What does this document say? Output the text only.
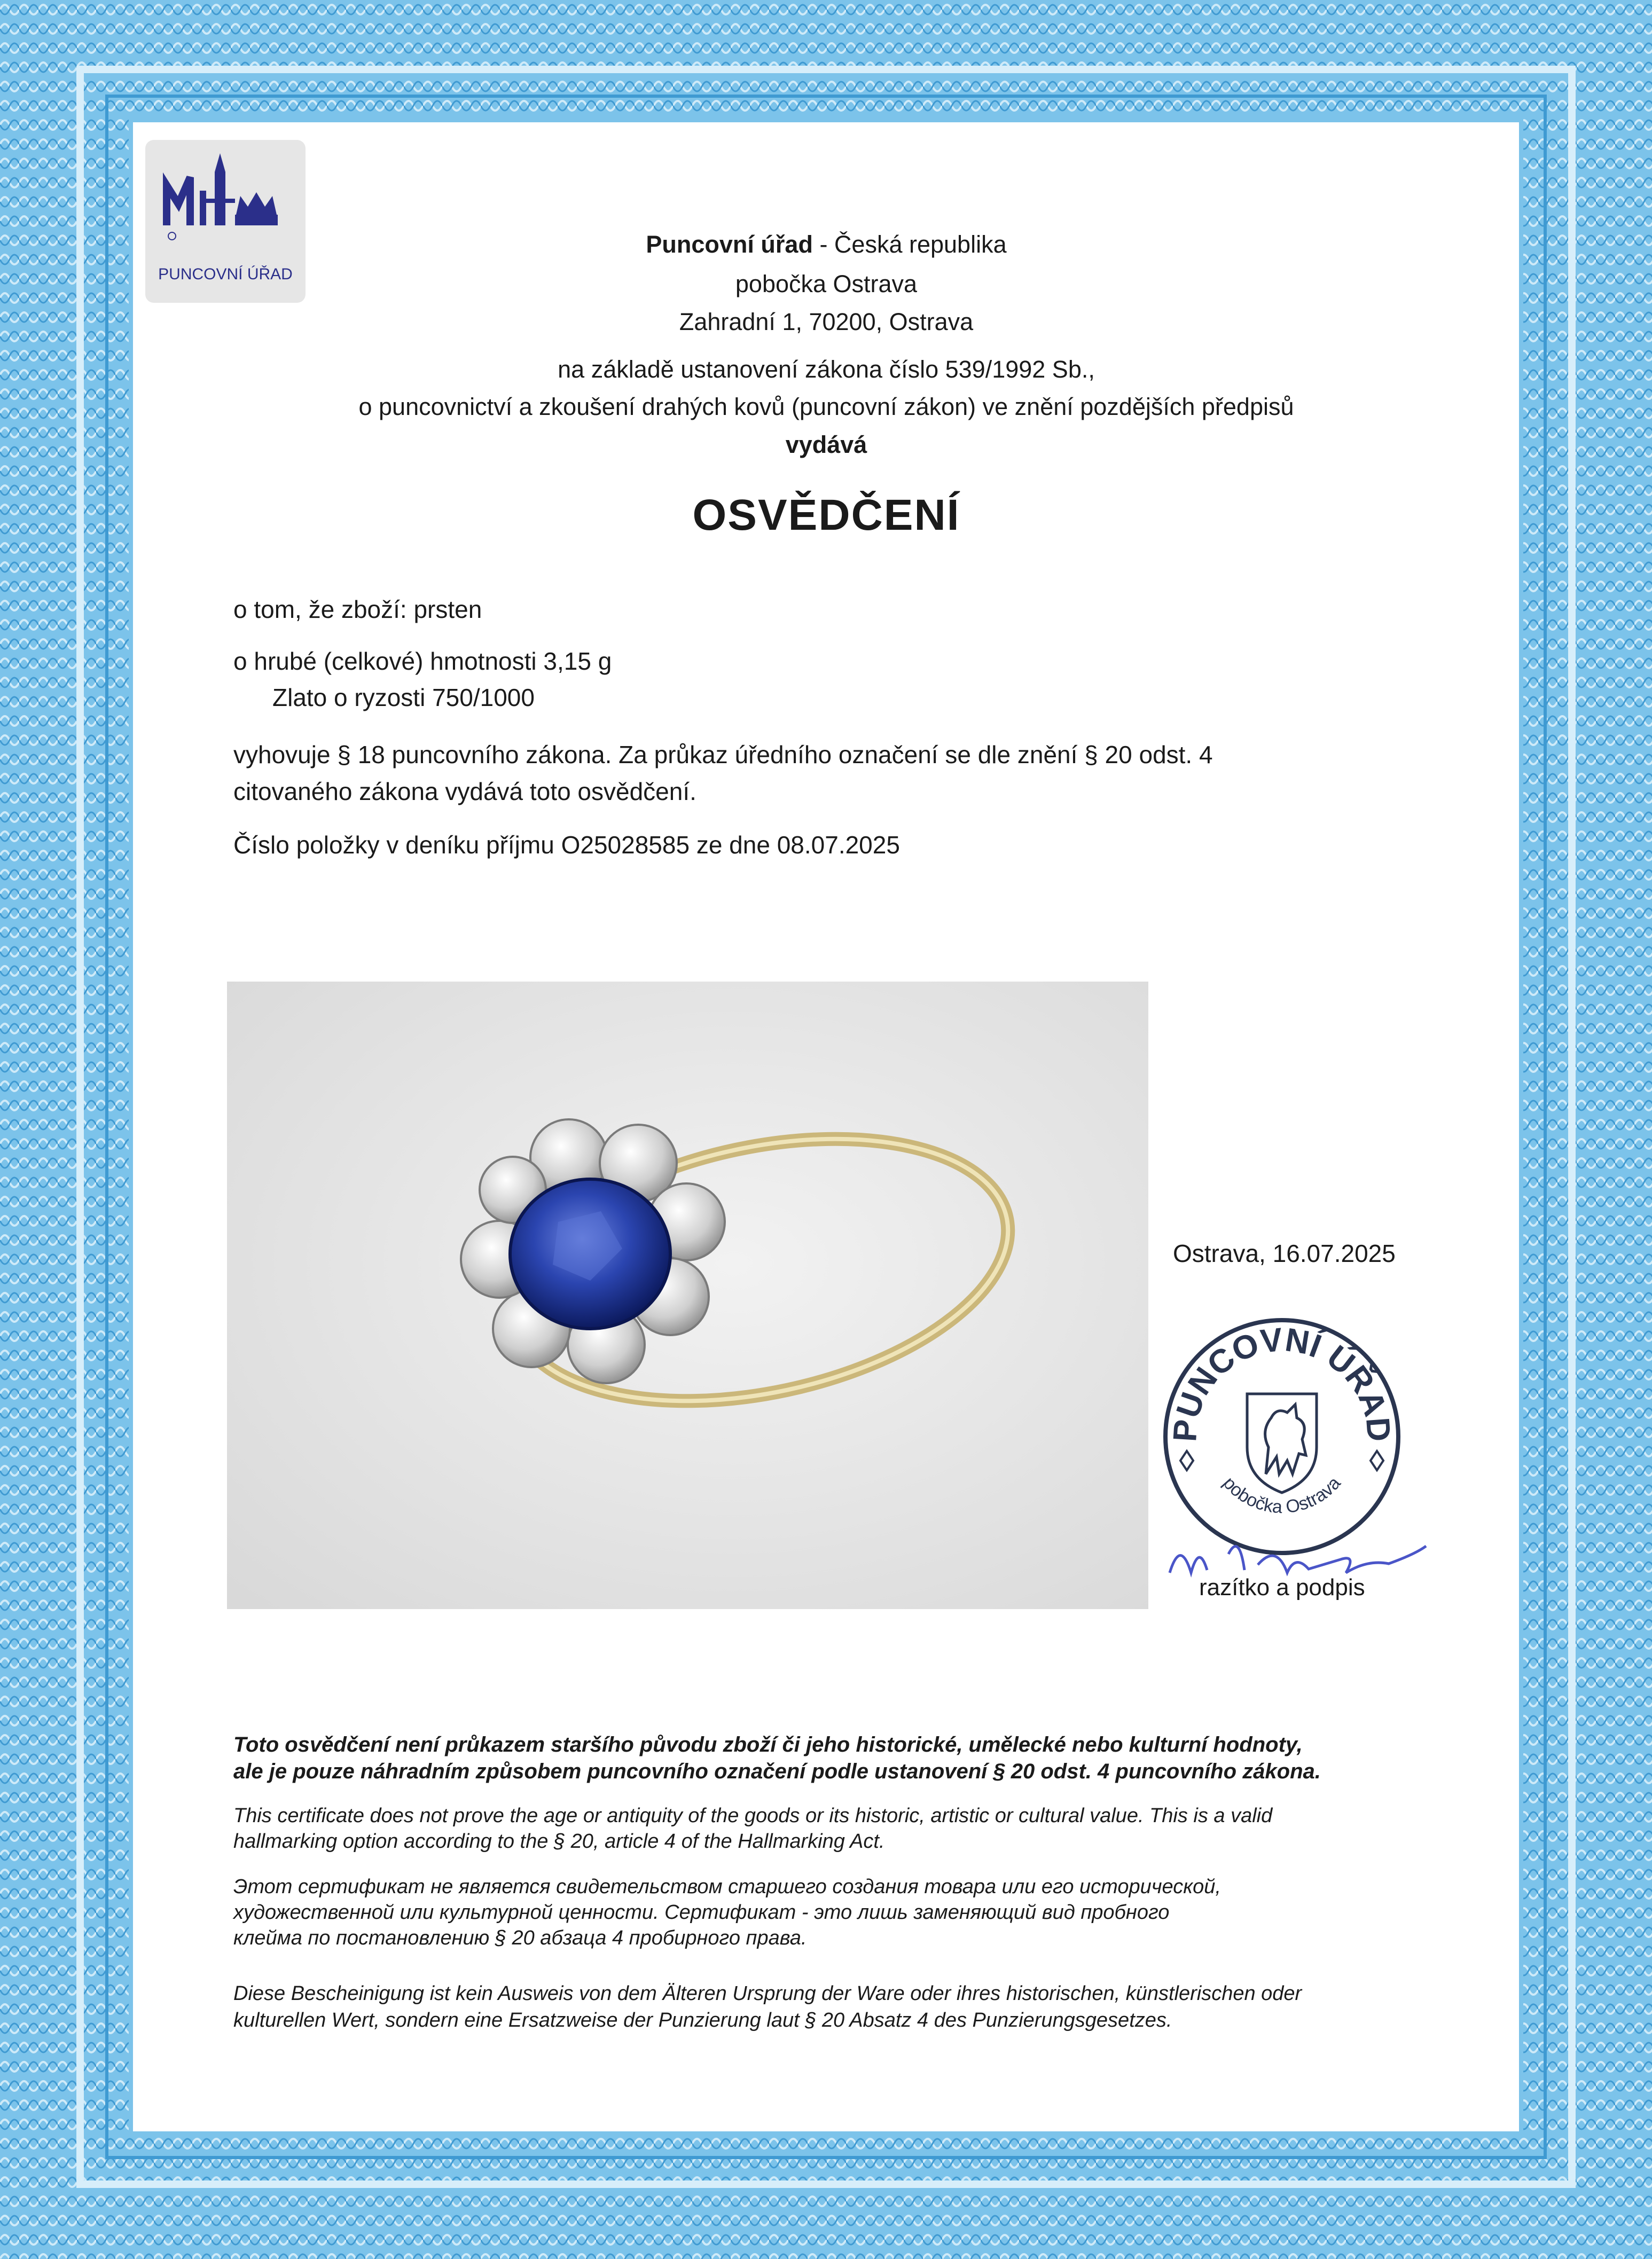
PUNCOVNÍ ÚŘAD
Puncovní úřad - Česká republika
pobočka Ostrava
Zahradní 1, 70200, Ostrava
na základě ustanovení zákona číslo 539/1992 Sb.,
o puncovnictví a zkoušení drahých kovů (puncovní zákon) ve znění pozdějších předpisů
vydává
OSVĚDČENÍ
o tom, že zboží: prsten
o hrubé (celkové) hmotnosti 3,15 g
Zlato o ryzosti 750/1000
vyhovuje § 18 puncovního zákona. Za průkaz úředního označení se dle znění § 20 odst. 4
citovaného zákona vydává toto osvědčení.
Číslo položky v deníku příjmu O25028585 ze dne 08.07.2025
Ostrava, 16.07.2025
PUNCOVNÍ ÚŘAD
pobočka Ostrava
razítko a podpis
Toto osvědčení není průkazem staršího původu zboží či jeho historické, umělecké nebo kulturní hodnoty,
ale je pouze náhradním způsobem puncovního označení podle ustanovení § 20 odst. 4 puncovního zákona.
This certificate does not prove the age or antiquity of the goods or its historic, artistic or cultural value. This is a valid
hallmarking option according to the § 20, article 4 of the Hallmarking Act.
Этот сертификат не является свидетельством старшего создания товара или его исторической,
художественной или культурной ценности. Сертификат - это лишь заменяющий вид пробного
клейма по постановлению § 20 абзаца 4 пробирного права.
Diese Bescheinigung ist kein Ausweis von dem Älteren Ursprung der Ware oder ihres historischen, künstlerischen oder
kulturellen Wert, sondern eine Ersatzweise der Punzierung laut § 20 Absatz 4 des Punzierungsgesetzes.
